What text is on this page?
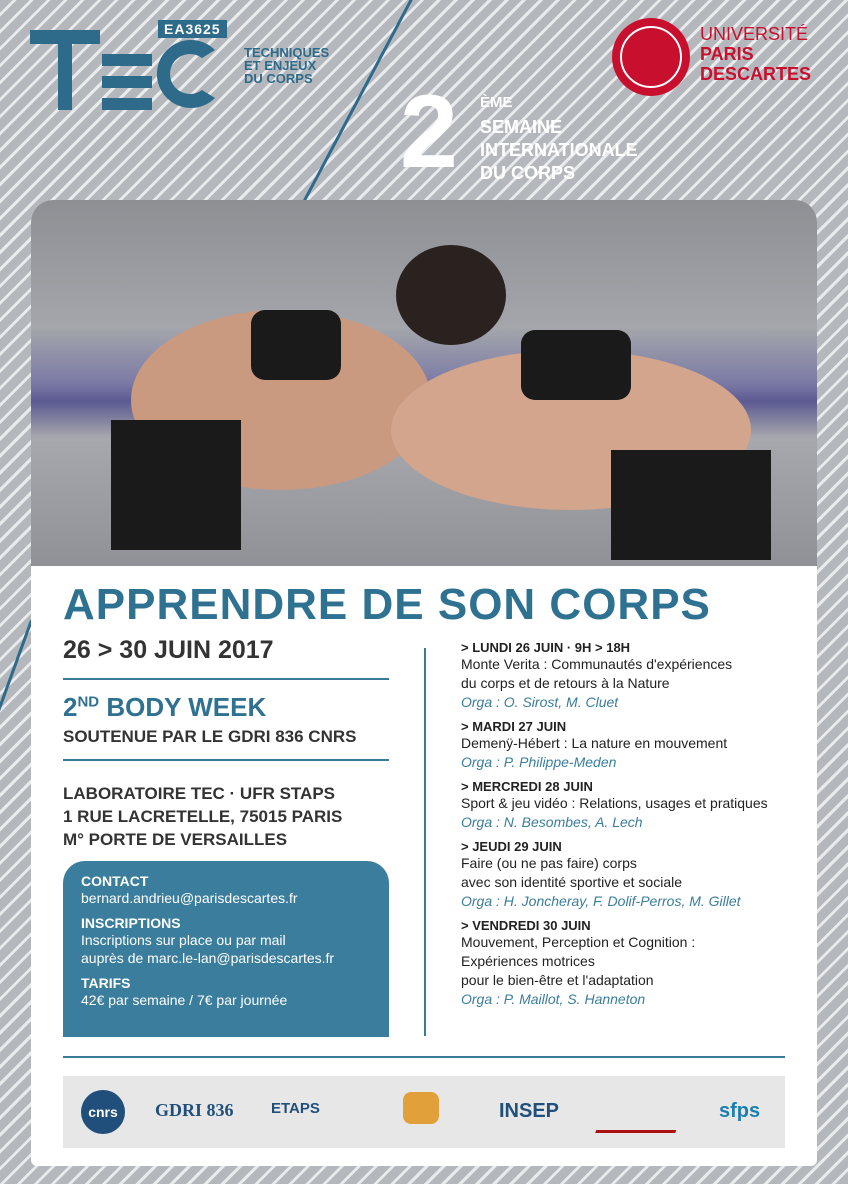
EA3625
TECHNIQUES
ET ENJEUX
DU CORPS 2 ÈME
SEMAINE
INTERNATIONALE
DU CORPS
UNIVERSITÉ
PARIS
DESCARTES
APPRENDRE DE SON CORPS
26 > 30 JUIN 2017
2ND BODY WEEK
SOUTENUE PAR LE GDRI 836 CNRS
LABORATOIRE TEC · UFR STAPS
1 RUE LACRETELLE, 75015 PARIS
M° PORTE DE VERSAILLES
CONTACT
bernard.andrieu@parisdescartes.fr
INSCRIPTIONS
Inscriptions sur place ou par mail
auprès de marc.le-lan@parisdescartes.fr
TARIFS
42€ par semaine / 7€ par journée
> LUNDI 26 JUIN · 9H > 18H
Monte Verita : Communautés d'expériences
du corps et de retours à la Nature
Orga : O. Sirost, M. Cluet
> MARDI 27 JUIN
Demenÿ-Hébert : La nature en mouvement
Orga : P. Philippe-Meden
> MERCREDI 28 JUIN
Sport & jeu vidéo : Relations, usages et pratiques
Orga : N. Besombes, A. Lech
> JEUDI 29 JUIN
Faire (ou ne pas faire) corps
avec son identité sportive et sociale
Orga : H. Joncheray, F. Dolif-Perros, M. Gillet
> VENDREDI 30 JUIN
Mouvement, Perception et Cognition :
Expériences motrices
pour le bien-être et l'adaptation
Orga : P. Maillot, S. Hanneton
cnrs	GDRI 836 ETAPS	INSEP	sfps
